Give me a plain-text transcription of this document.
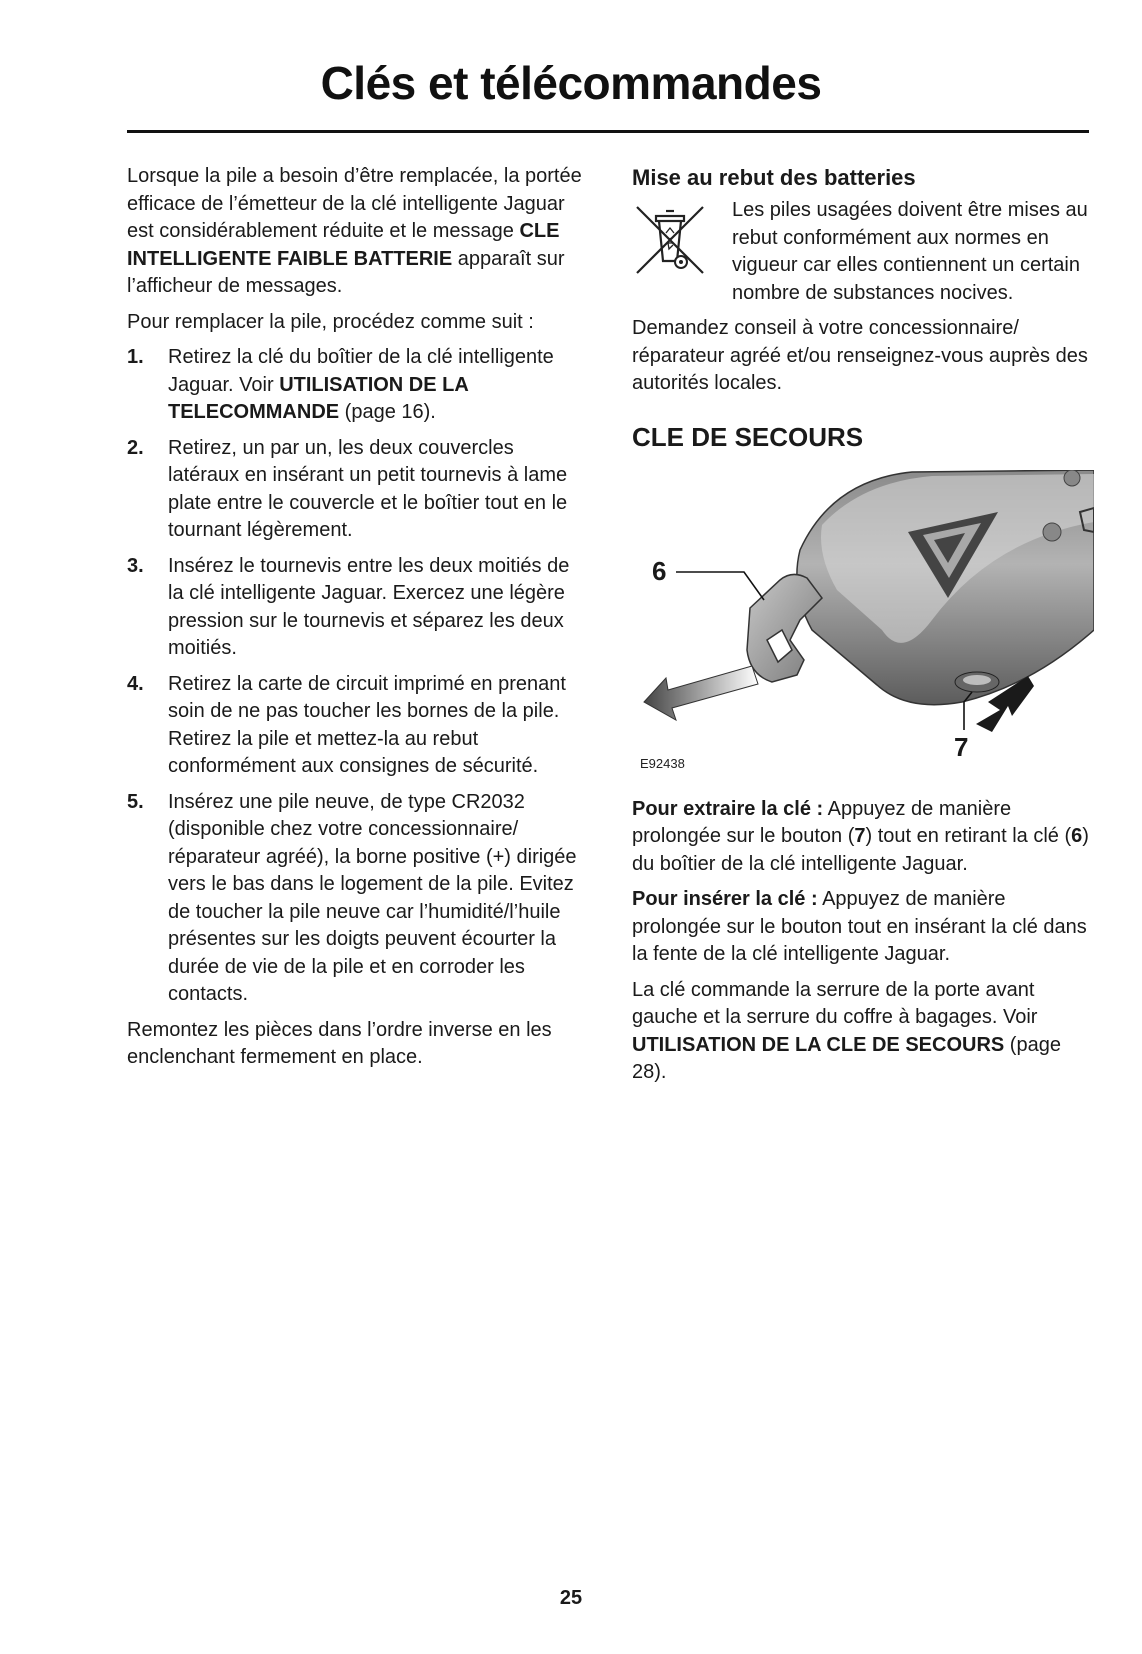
Clés et télécommandes

Lorsque la pile a besoin d’être remplacée, la portée efficace de l’émetteur de la clé intelligente Jaguar est considérablement réduite et le message CLE INTELLIGENTE FAIBLE BATTERIE apparaît sur l’afficheur de messages.

Pour remplacer la pile, procédez comme suit :

1.	Retirez la clé du boîtier de la clé intelligente Jaguar. Voir UTILISATION DE LA TELECOMMANDE (page 16).
2.	Retirez, un par un, les deux couvercles latéraux en insérant un petit tournevis à lame plate entre le couvercle et le boîtier tout en le tournant légèrement.
3.	Insérez le tournevis entre les deux moitiés de la clé intelligente Jaguar. Exercez une légère pression sur le tournevis et séparez les deux moitiés.
4.	Retirez la carte de circuit imprimé en prenant soin de ne pas toucher les bornes de la pile. Retirez la pile et mettez-la au rebut conformément aux consignes de sécurité.
5.	Insérez une pile neuve, de type CR2032 (disponible chez votre concessionnaire/ réparateur agréé), la borne positive (+) dirigée vers le bas dans le logement de la pile. Evitez de toucher la pile neuve car l’humidité/l’huile présentes sur les doigts peuvent écourter la durée de vie de la pile et en corroder les contacts.

Remontez les pièces dans l’ordre inverse en les enclenchant fermement en place.

Mise au rebut des batteries

Les piles usagées doivent être mises au rebut conformément aux normes en vigueur car elles contiennent un certain nombre de substances nocives.

Demandez conseil à votre concessionnaire/ réparateur agréé et/ou renseignez-vous auprès des autorités locales.

CLE DE SECOURS
6
7
E92438

Pour extraire la clé : Appuyez de manière prolongée sur le bouton (7) tout en retirant la clé (6) du boîtier de la clé intelligente Jaguar.

Pour insérer la clé : Appuyez de manière prolongée sur le bouton tout en insérant la clé dans la fente de la clé intelligente Jaguar.

La clé commande la serrure de la porte avant gauche et la serrure du coffre à bagages. Voir UTILISATION DE LA CLE DE SECOURS (page 28).

25
